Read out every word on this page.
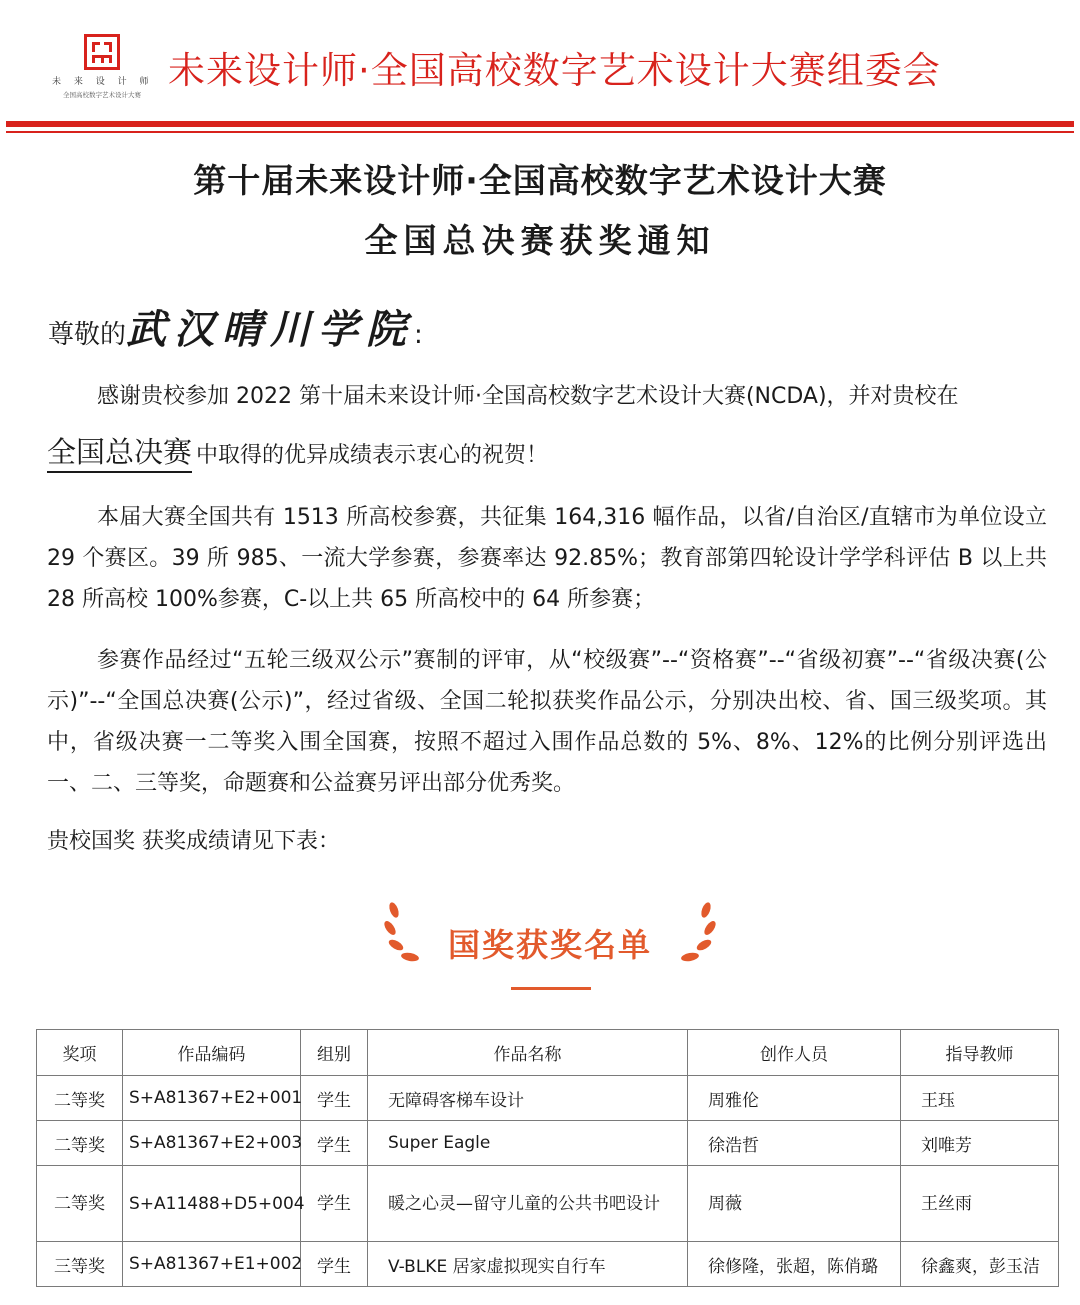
未 来 设 计 师
全国高校数字艺术设计大赛
未来设计师·全国高校数字艺术设计大赛组委会
第十届未来设计师·全国高校数字艺术设计大赛
全国总决赛获奖通知
尊敬的武汉晴川学院:
感谢贵校参加 2022 第十届未来设计师·全国高校数字艺术设计大赛(NCDA)，并对贵校在
全国总决赛 中取得的优异成绩表示衷心的祝贺！
本届大赛全国共有 1513 所高校参赛，共征集 164,316 幅作品，以省/自治区/直辖市为单位设立 29 个赛区。39 所 985、一流大学参赛，参赛率达 92.85%；教育部第四轮设计学学科评估 B 以上共 28 所高校 100%参赛，C-以上共 65 所高校中的 64 所参赛；
参赛作品经过“五轮三级双公示”赛制的评审，从“校级赛”--“资格赛”--“省级初赛”--“省级决赛(公示)”--“全国总决赛(公示)”，经过省级、全国二轮拟获奖作品公示，分别决出校、省、国三级奖项。其中，省级决赛一二等奖入围全国赛，按照不超过入围作品总数的 5%、8%、12%的比例分别评选出一、二、三等奖，命题赛和公益赛另评出部分优秀奖。
贵校国奖 获奖成绩请见下表：
国奖获奖名单
奖项	作品编码	组别	作品名称	创作人员	指导教师
二等奖	S+A81367+E2+001	学生	无障碍客梯车设计	周雅伦	王珏
二等奖	S+A81367+E2+003	学生	Super Eagle	徐浩哲	刘唯芳
二等奖	S+A11488+D5+004	学生	暖之心灵—留守儿童的公共书吧设计	周薇	王丝雨
三等奖	S+A81367+E1+002	学生	V-BLKE 居家虚拟现实自行车	徐修隆，张超，陈俏璐	徐鑫爽，彭玉洁
